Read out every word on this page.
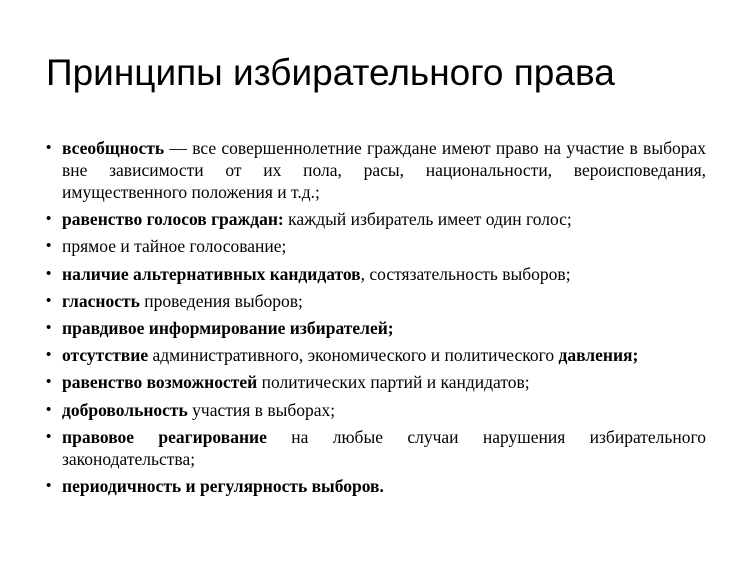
Принципы избирательного права
• всеобщность — все совершеннолетние граждане имеют право на участие в выборах вне зависимости от их пола, расы, национальности, вероисповедания, имущественного положения и т.д.;
• равенство голосов граждан: каждый избиратель имеет один голос;
• прямое и тайное голосование;
• наличие альтернативных кандидатов, состязательность выборов;
• гласность проведения выборов;
• правдивое информирование избирателей;
• отсутствие административного, экономического и политического давления;
• равенство возможностей политических партий и кандидатов;
• добровольность участия в выборах;
• правовое реагирование на любые случаи нарушения избирательного законодательства;
• периодичность и регулярность выборов.
